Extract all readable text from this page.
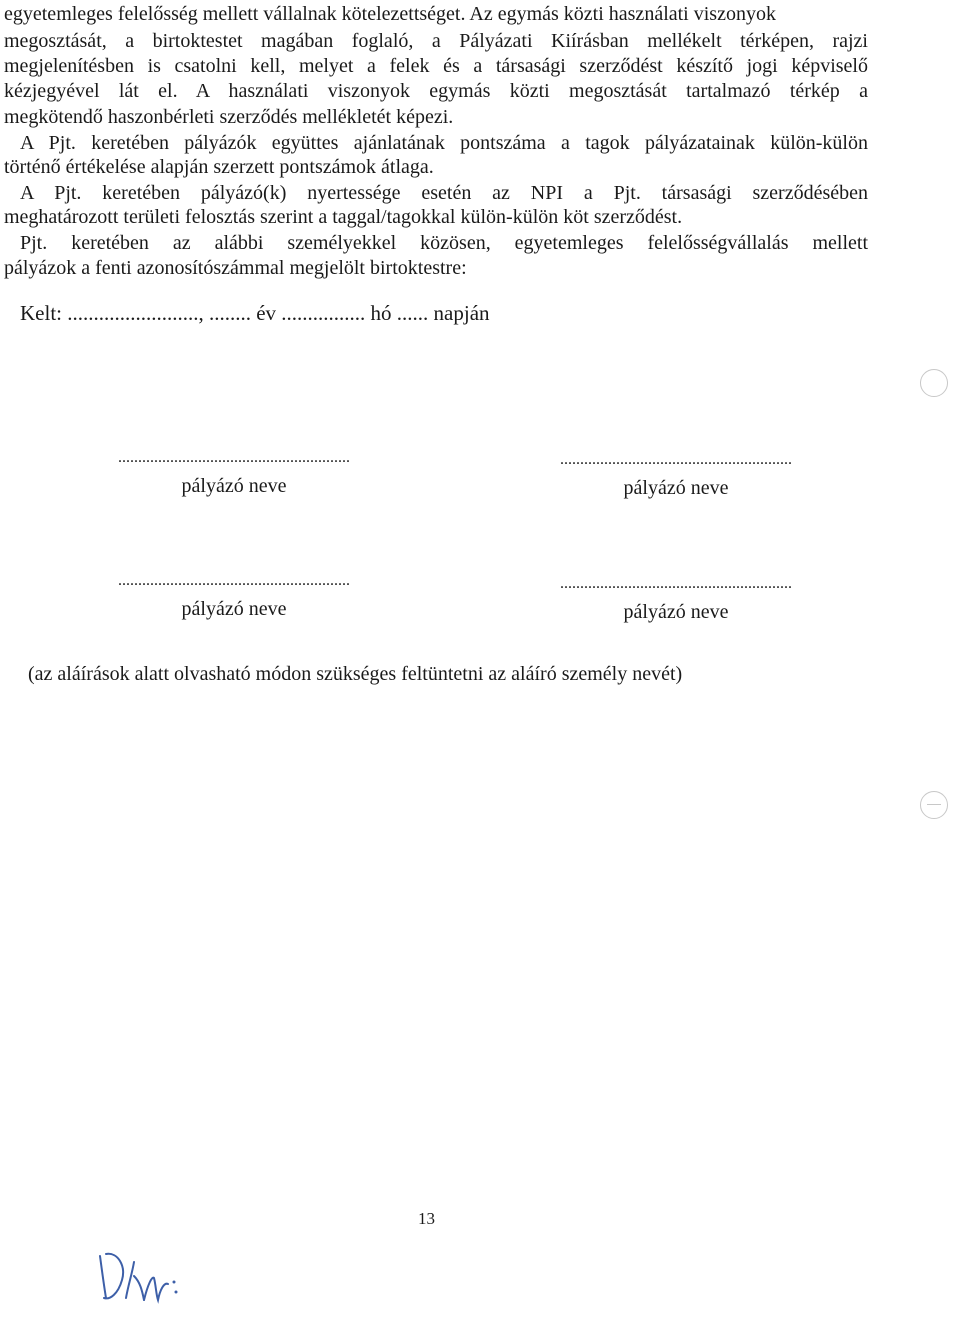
egyetemleges felelősség mellett vállalnak kötelezettséget. Az egymás közti használati viszonyok
megosztását, a birtoktestet magában foglaló, a Pályázati Kiírásban mellékelt térképen, rajzi
megjelenítésben is csatolni kell, melyet a felek és a társasági szerződést készítő jogi képviselő
kézjegyével lát el. A használati viszonyok egymás közti megosztását tartalmazó térkép a
megkötendő haszonbérleti szerződés mellékletét képezi.
A Pjt. keretében pályázók együttes ajánlatának pontszáma a tagok pályázatainak külön-külön
történő értékelése alapján szerzett pontszámok átlaga.
A Pjt. keretében pályázó(k) nyertessége esetén az NPI a Pjt. társasági szerződésében
meghatározott területi felosztás szerint a taggal/tagokkal külön-külön köt szerződést.
Pjt. keretében az alábbi személyekkel közösen, egyetemleges felelősségvállalás mellett
pályázok a fenti azonosítószámmal megjelölt birtoktestre:
Kelt: ........................., ........ év ................ hó ...... napján
..........................................................
pályázó neve
..........................................................
pályázó neve
..........................................................
pályázó neve
..........................................................
pályázó neve
(az aláírások alatt olvasható módon szükséges feltüntetni az aláíró személy nevét)
13
